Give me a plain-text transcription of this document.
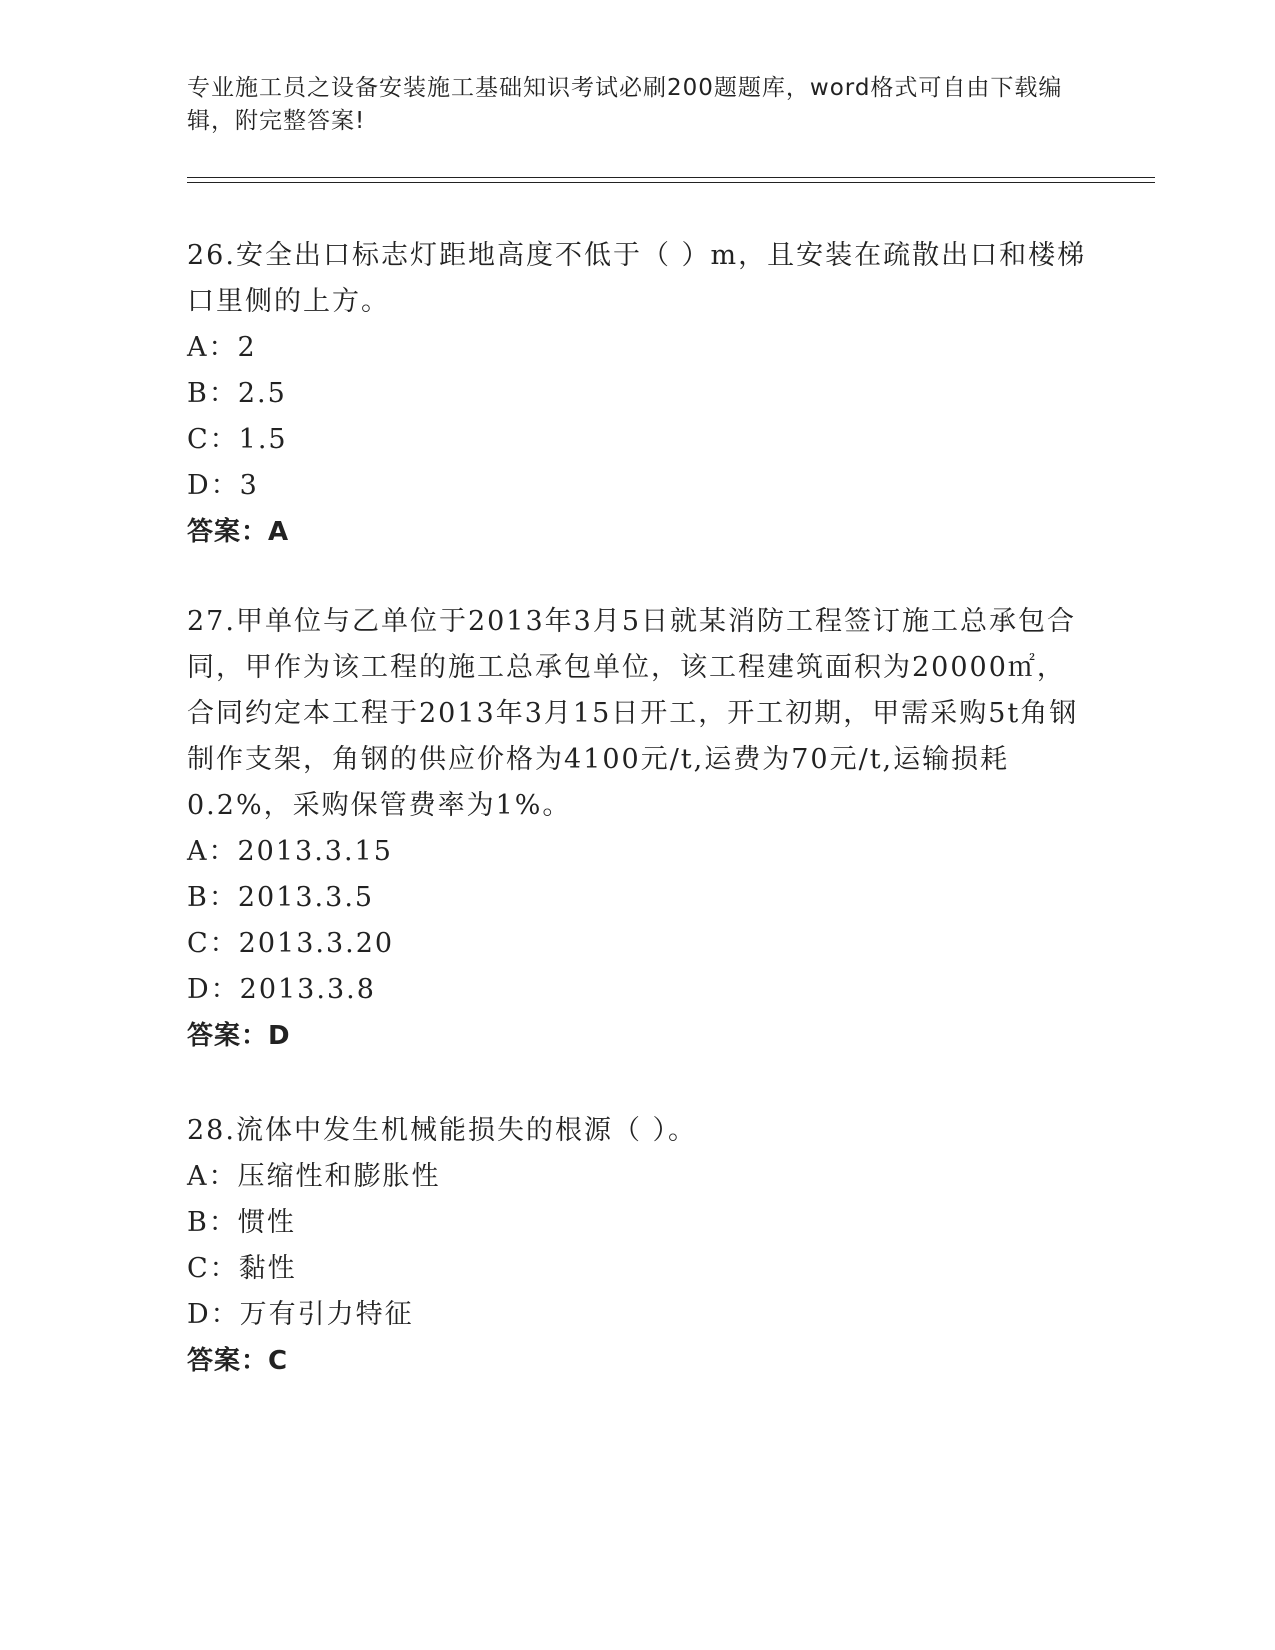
专业施工员之设备安装施工基础知识考试必刷200题题库，word格式可自由下载编辑，附完整答案!

26.安全出口标志灯距地高度不低于（ ）m，且安装在疏散出口和楼梯口里侧的上方。

A：2

B：2.5

C：1.5

D：3

答案：A

27.甲单位与乙单位于2013年3月5日就某消防工程签订施工总承包合同，甲作为该工程的施工总承包单位，该工程建筑面积为20000㎡，合同约定本工程于2013年3月15日开工，开工初期，甲需采购5t角钢制作支架，角钢的供应价格为4100元/t,运费为70元/t,运输损耗0.2%，采购保管费率为1%。

A：2013.3.15

B：2013.3.5

C：2013.3.20

D：2013.3.8

答案：D

28.流体中发生机械能损失的根源（ ）。

A：压缩性和膨胀性

B：惯性

C：黏性

D：万有引力特征

答案：C
